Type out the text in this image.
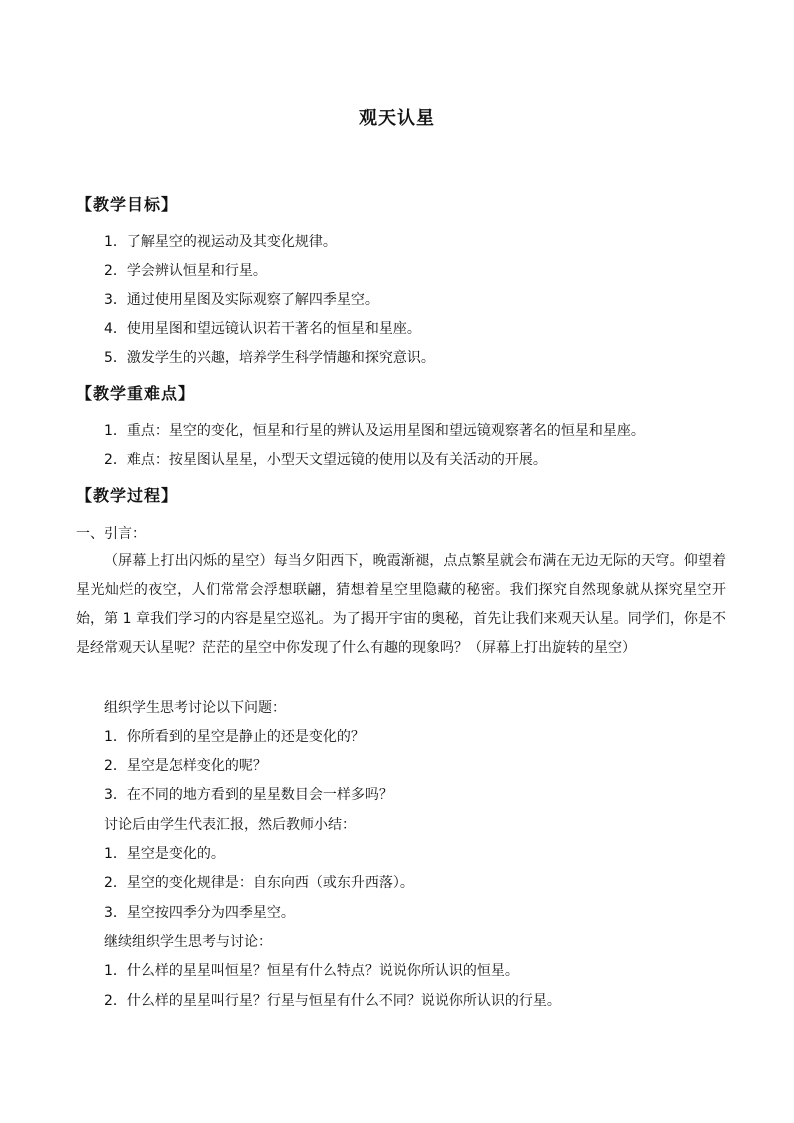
观天认星
【教学目标】
1．了解星空的视运动及其变化规律。
2．学会辨认恒星和行星。
3．通过使用星图及实际观察了解四季星空。
4．使用星图和望远镜认识若干著名的恒星和星座。
5．激发学生的兴趣，培养学生科学情趣和探究意识。
【教学重难点】
1．重点：星空的变化，恒星和行星的辨认及运用星图和望远镜观察著名的恒星和星座。
2．难点：按星图认星星，小型天文望远镜的使用以及有关活动的开展。
【教学过程】
一、引言：
（屏幕上打出闪烁的星空）每当夕阳西下，晚霞渐褪，点点繁星就会布满在无边无际的天穹。仰望着星光灿烂的夜空，人们常常会浮想联翩，猜想着星空里隐藏的秘密。我们探究自然现象就从探究星空开始，第 1 章我们学习的内容是星空巡礼。为了揭开宇宙的奥秘，首先让我们来观天认星。同学们，你是不是经常观天认星呢？茫茫的星空中你发现了什么有趣的现象吗？（屏幕上打出旋转的星空）
组织学生思考讨论以下问题：
1．你所看到的星空是静止的还是变化的？
2．星空是怎样变化的呢？
3．在不同的地方看到的星星数目会一样多吗？
讨论后由学生代表汇报，然后教师小结：
1．星空是变化的。
2．星空的变化规律是：自东向西（或东升西落）。
3．星空按四季分为四季星空。
继续组织学生思考与讨论：
1．什么样的星星叫恒星？恒星有什么特点？说说你所认识的恒星。
2．什么样的星星叫行星？行星与恒星有什么不同？说说你所认识的行星。
